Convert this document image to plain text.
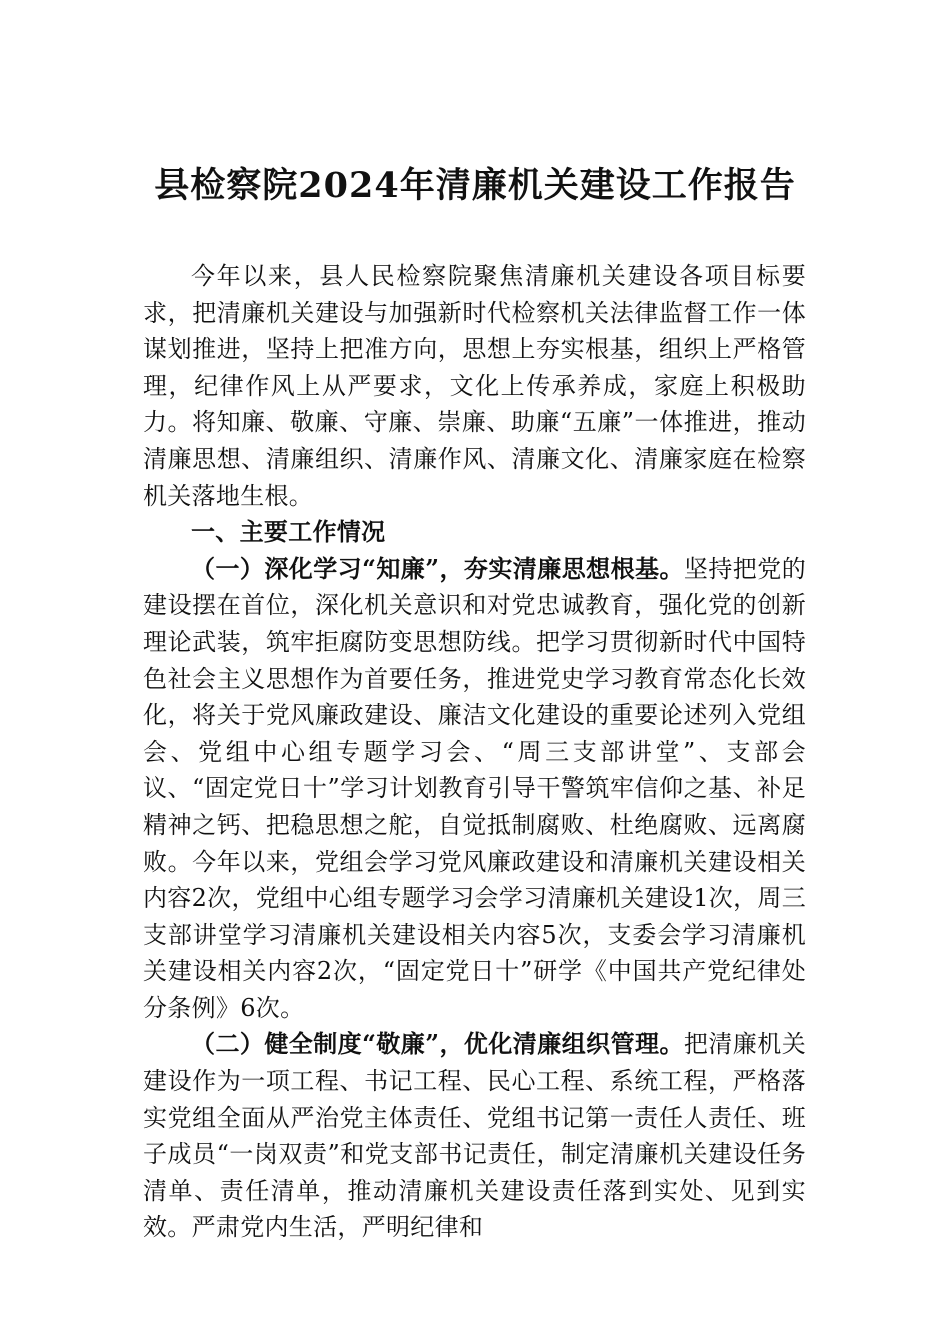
县检察院2024年清廉机关建设工作报告

今年以来，县人民检察院聚焦清廉机关建设各项目标要求，把清廉机关建设与加强新时代检察机关法律监督工作一体谋划推进，坚持上把准方向，思想上夯实根基，组织上严格管理，纪律作风上从严要求，文化上传承养成，家庭上积极助力。将知廉、敬廉、守廉、崇廉、助廉“五廉”一体推进，推动清廉思想、清廉组织、清廉作风、清廉文化、清廉家庭在检察机关落地生根。

一、主要工作情况

（一）深化学习“知廉”，夯实清廉思想根基。坚持把党的建设摆在首位，深化机关意识和对党忠诚教育，强化党的创新理论武装，筑牢拒腐防变思想防线。把学习贯彻新时代中国特色社会主义思想作为首要任务，推进党史学习教育常态化长效化，将关于党风廉政建设、廉洁文化建设的重要论述列入党组会、党组中心组专题学习会、“周三支部讲堂”、支部会议、“固定党日十”学习计划教育引导干警筑牢信仰之基、补足精神之钙、把稳思想之舵，自觉抵制腐败、杜绝腐败、远离腐败。今年以来，党组会学习党风廉政建设和清廉机关建设相关内容2次，党组中心组专题学习会学习清廉机关建设1次，周三支部讲堂学习清廉机关建设相关内容5次，支委会学习清廉机关建设相关内容2次，“固定党日十”研学《中国共产党纪律处分条例》6次。

（二）健全制度“敬廉”，优化清廉组织管理。把清廉机关建设作为一项工程、书记工程、民心工程、系统工程，严格落实党组全面从严治党主体责任、党组书记第一责任人责任、班子成员“一岗双责”和党支部书记责任，制定清廉机关建设任务清单、责任清单，推动清廉机关建设责任落到实处、见到实效。严肃党内生活，严明纪律和
